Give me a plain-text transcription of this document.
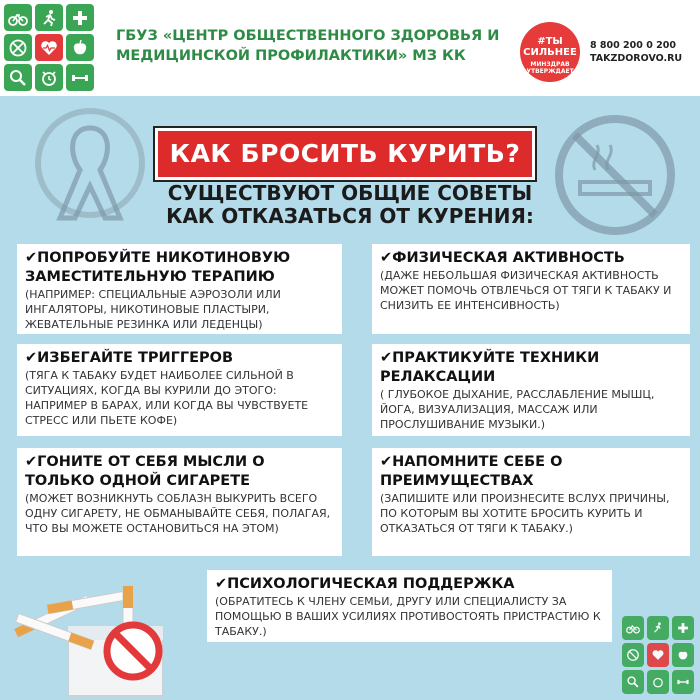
ГБУЗ «ЦЕНТР ОБЩЕСТВЕННОГО ЗДОРОВЬЯ И
МЕДИЦИНСКОЙ ПРОФИЛАКТИКИ» МЗ КК
#ТЫ
СИЛЬНЕЕ
МИНЗДРАВ УТВЕРЖДАЕТ
8 800 200 0 200
TAKZDOROVO.RU
КАК БРОСИТЬ КУРИТЬ?
СУЩЕСТВУЮТ ОБЩИЕ СОВЕТЫ
КАК ОТКАЗАТЬСЯ ОТ КУРЕНИЯ:
✔ПОПРОБУЙТЕ НИКОТИНОВУЮ ЗАМЕСТИТЕЛЬНУЮ ТЕРАПИЮ
(НАПРИМЕР: СПЕЦИАЛЬНЫЕ АЭРОЗОЛИ ИЛИ ИНГАЛЯТОРЫ, НИКОТИНОВЫЕ ПЛАСТЫРИ, ЖЕВАТЕЛЬНЫЕ РЕЗИНКА ИЛИ ЛЕДЕНЦЫ)
✔ФИЗИЧЕСКАЯ АКТИВНОСТЬ
(ДАЖЕ НЕБОЛЬШАЯ ФИЗИЧЕСКАЯ АКТИВНОСТЬ МОЖЕТ ПОМОЧЬ ОТВЛЕЧЬСЯ ОТ ТЯГИ К ТАБАКУ И СНИЗИТЬ ЕЕ ИНТЕНСИВНОСТЬ)
✔ИЗБЕГАЙТЕ ТРИГГЕРОВ
(ТЯГА К ТАБАКУ БУДЕТ НАИБОЛЕЕ СИЛЬНОЙ В СИТУАЦИЯХ, КОГДА ВЫ КУРИЛИ ДО ЭТОГО: НАПРИМЕР В БАРАХ, ИЛИ КОГДА ВЫ ЧУВСТВУЕТЕ СТРЕСС ИЛИ ПЬЕТЕ КОФЕ)
✔ПРАКТИКУЙТЕ ТЕХНИКИ РЕЛАКСАЦИИ
( ГЛУБОКОЕ ДЫХАНИЕ, РАССЛАБЛЕНИЕ МЫШЦ, ЙОГА, ВИЗУАЛИЗАЦИЯ, МАССАЖ ИЛИ ПРОСЛУШИВАНИЕ МУЗЫКИ.)
✔ГОНИТЕ ОТ СЕБЯ МЫСЛИ О ТОЛЬКО ОДНОЙ СИГАРЕТЕ
(МОЖЕТ ВОЗНИКНУТЬ СОБЛАЗН ВЫКУРИТЬ ВСЕГО ОДНУ СИГАРЕТУ, НЕ ОБМАНЫВАЙТЕ СЕБЯ, ПОЛАГАЯ, ЧТО ВЫ МОЖЕТЕ ОСТАНОВИТЬСЯ НА ЭТОМ)
✔НАПОМНИТЕ СЕБЕ О ПРЕИМУЩЕСТВАХ
(ЗАПИШИТЕ ИЛИ ПРОИЗНЕСИТЕ ВСЛУХ ПРИЧИНЫ, ПО КОТОРЫМ ВЫ ХОТИТЕ БРОСИТЬ КУРИТЬ И ОТКАЗАТЬСЯ ОТ ТЯГИ К ТАБАКУ.)
✔ПСИХОЛОГИЧЕСКАЯ ПОДДЕРЖКА
(ОБРАТИТЕСЬ К ЧЛЕНУ СЕМЬИ, ДРУГУ ИЛИ СПЕЦИАЛИСТУ ЗА ПОМОЩЬЮ В ВАШИХ УСИЛИЯХ ПРОТИВОСТОЯТЬ ПРИСТРАСТИЮ К ТАБАКУ.)
